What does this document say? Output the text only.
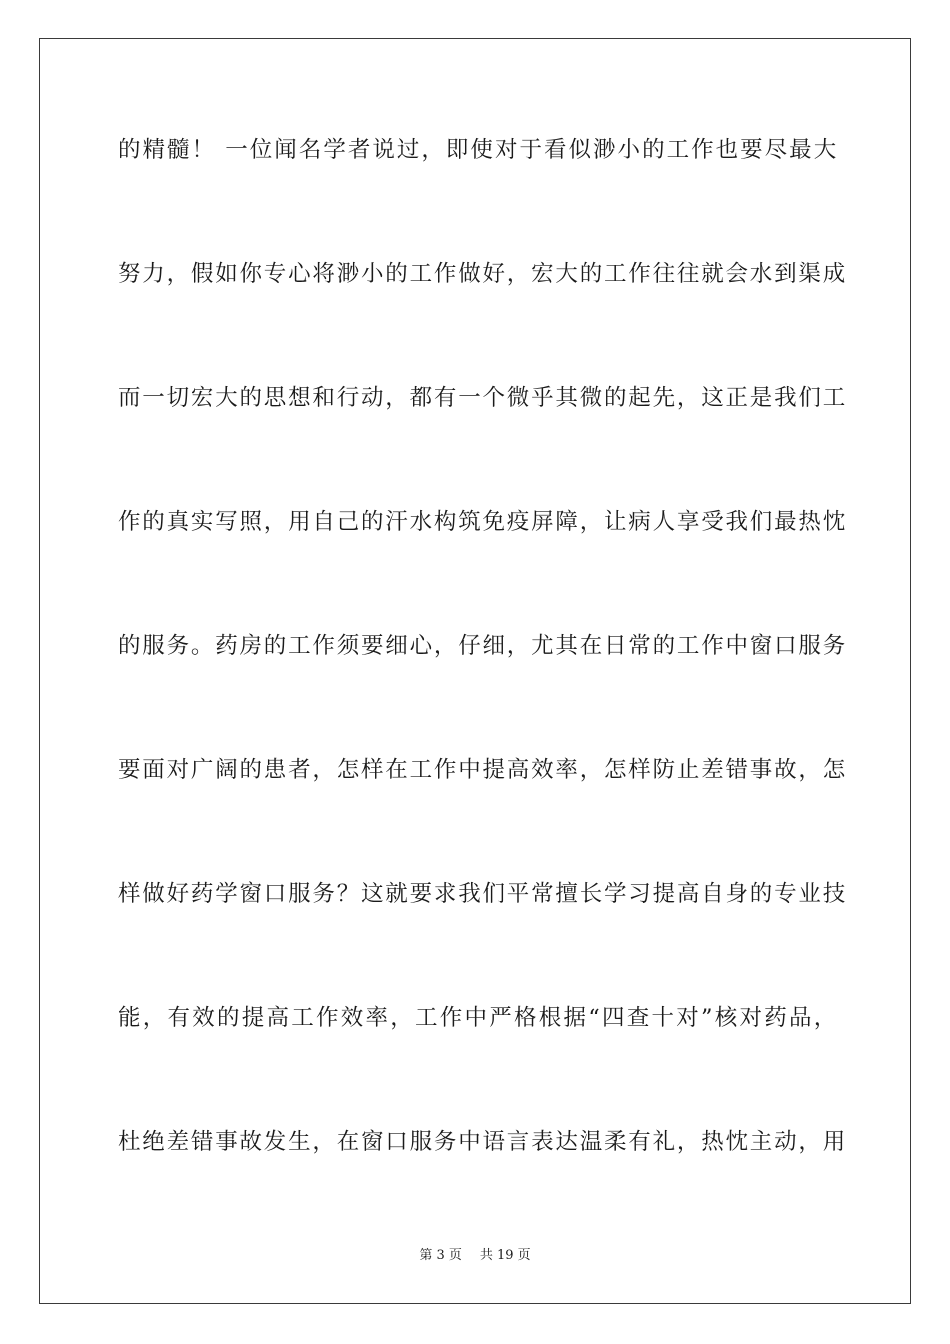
的精髓！ 一位闻名学者说过，即使对于看似渺小的工作也要尽最大
努力，假如你专心将渺小的工作做好，宏大的工作往往就会水到渠成
而一切宏大的思想和行动，都有一个微乎其微的起先，这正是我们工
作的真实写照，用自己的汗水构筑免疫屏障，让病人享受我们最热忱
的服务。药房的工作须要细心，仔细，尤其在日常的工作中窗口服务
要面对广阔的患者，怎样在工作中提高效率，怎样防止差错事故，怎
样做好药学窗口服务？这就要求我们平常擅长学习提高自身的专业技
能，有效的提高工作效率，工作中严格根据“四查十对”核对药品，
杜绝差错事故发生，在窗口服务中语言表达温柔有礼，热忱主动，用
第 3 页 共 19 页
